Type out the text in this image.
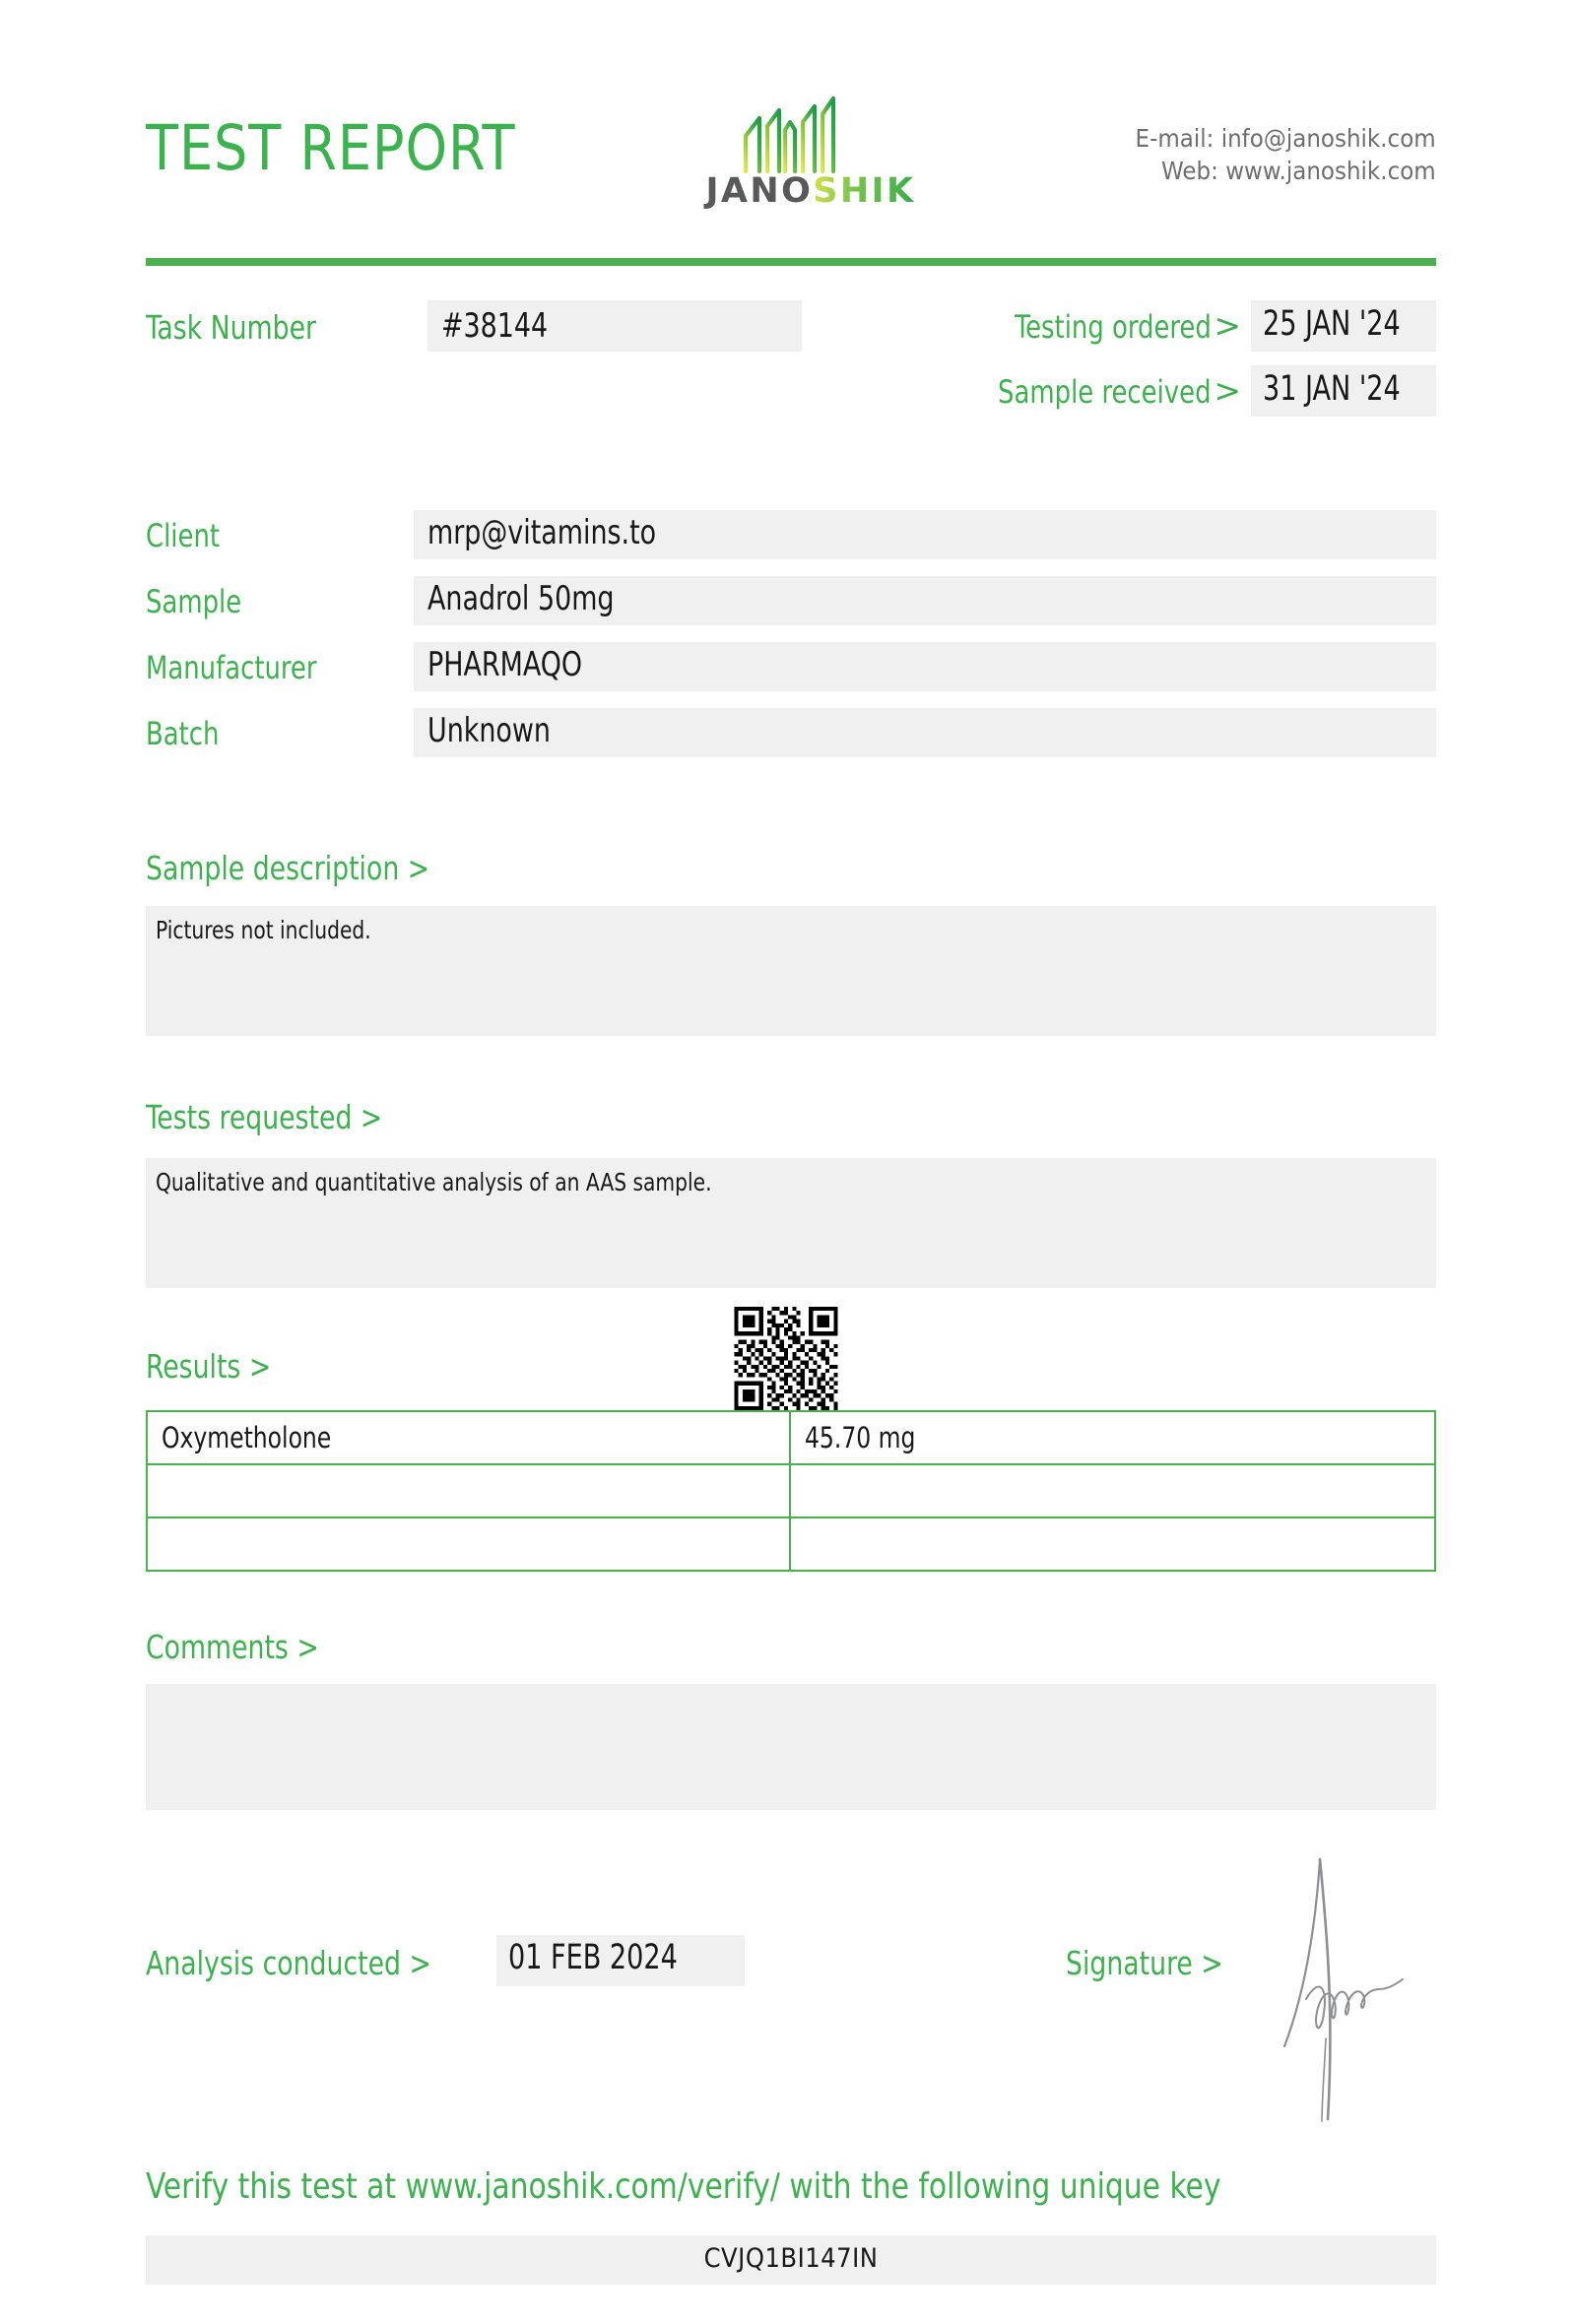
TEST REPORT
JANOSHIK
E-mail: info@janoshik.com
Web: www.janoshik.com
Task Number	#38144	Testing ordered > 25 JAN '24
Sample received > 31 JAN '24
Client	mrp@vitamins.to
Sample	Anadrol 50mg
Manufacturer	PHARMAQO
Batch	Unknown
Sample description >
Pictures not included.
Tests requested >
Qualitative and quantitative analysis of an AAS sample.
Results >
Oxymetholone	45.70 mg

Comments >
Analysis conducted > 01 FEB 2024	Signature >
Verify this test at www.janoshik.com/verify/ with the following unique key
CVJQ1BI147IN
